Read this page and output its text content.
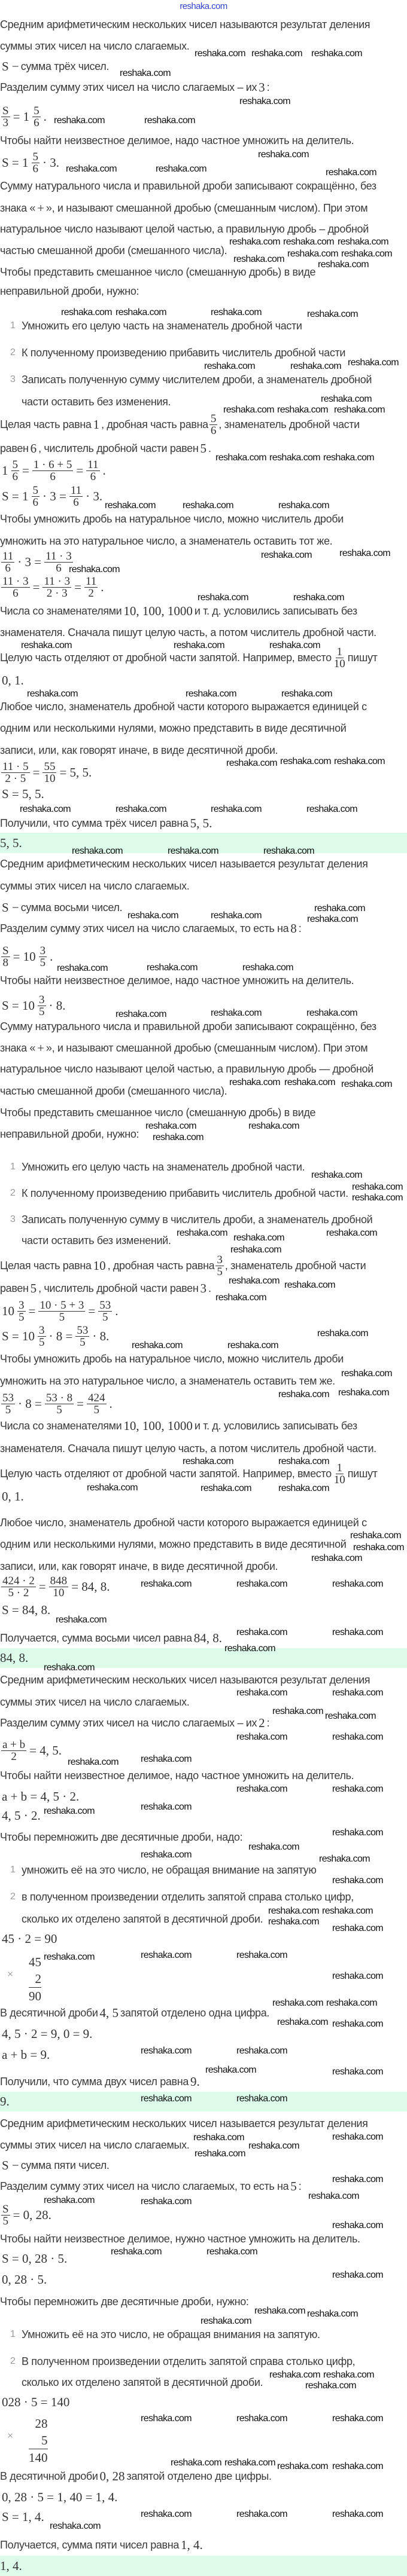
reshaka.com
Средним арифметическим нескольких чисел называются результат деления
суммы этих чисел на число слагаемых.
S − сумма трёх чисел.
Разделим сумму этих чисел на число слагаемых – их 3 :
$\frac{S}{3} = 1 \frac{5}{6}$ .
Чтобы найти неизвестное делимое, надо частное умножить на делитель.
$S = 1 \frac{5}{6} \cdot 3$.
Сумму натурального числа и правильной дроби записывают сокращённо, без
знака « + », и называют смешанной дробью (смешанным числом). При этом
натуральное число называют целой частью, а правильную дробь – дробной
частью смешанной дроби (смешанного числа).
Чтобы представить смешанное число (смешанную дробь) в виде
неправильной дроби, нужно:
1 Умножить его целую часть на знаменатель дробной части
2 К полученному произведению прибавить числитель дробной части
3 Записать полученную сумму числителем дроби, а знаменатель дробной
части оставить без изменения.
Целая часть равна 1 , дробная часть равна $\frac{5}{6}$ , знаменатель дробной части
равен 6 , числитель дробной части равен 5 .
$1 \frac{5}{6} = \frac{1 \cdot 6 + 5}{6} = \frac{11}{6}$ .
$S = 1 \frac{5}{6} \cdot 3 = \frac{11}{6} \cdot 3$.
Чтобы умножить дробь на натуральное число, можно числитель дроби
умножить на это натуральное число, а знаменатель оставить тот же.
$\frac{11}{6} \cdot 3 = \frac{11 \cdot 3}{6}$
$\frac{11 \cdot 3}{6} = \frac{11 \cdot 3}{2 \cdot 3} = \frac{11}{2}$ .
Числа со знаменателями 10, 100, 1000 и т. д. условились записывать без
знаменателя. Сначала пишут целую часть, а потом числитель дробной части.
Целую часть отделяют от дробной части запятой. Например, вместо $\frac{1}{10}$ пишут
0, 1.
Любое число, знаменатель дробной части которого выражается единицей с
одним или несколькими нулями, можно представить в виде десятичной
записи, или, как говорят иначе, в виде десятичной дроби.
$\frac{11 \cdot 5}{2 \cdot 5} = \frac{55}{10} = 5$, 5.
S = 5, 5.
Получили, что сумма трёх чисел равна 5, 5.
Средним арифметическим нескольких чисел называется результат деления
суммы этих чисел на число слагаемых.
S − сумма восьми чисел.
Разделим сумму этих чисел на число слагаемых, то есть на 8 :
$\frac{S}{8} = 10 \frac{3}{5}$ .
Чтобы найти неизвестное делимое, надо частное умножить на делитель.
$S = 10 \frac{3}{5} \cdot 8$.
Сумму натурального числа и правильной дроби записывают сокращённо, без
знака « + », и называют смешанной дробью (смешанным числом). При этом
натуральное число называют целой частью, а правильную дробь — дробной
частью смешанной дроби (смешанного числа).
Чтобы представить смешанное число (смешанную дробь) в виде
неправильной дроби, нужно:
1 Умножить его целую часть на знаменатель дробной части.
2 К полученному произведению прибавить числитель дробной части.
3 Записать полученную сумму в числитель дроби, а знаменатель дробной
части оставить без изменений.
Целая часть равна 10 , дробная часть равна $\frac{3}{5}$ , знаменатель дробной части
равен 5 , числитель дробной части равен 3 .
$10 \frac{3}{5} = \frac{10 \cdot 5 + 3}{5} = \frac{53}{5}$ .
$S = 10 \frac{3}{5} \cdot 8 = \frac{53}{5} \cdot 8$.
Чтобы умножить дробь на натуральное число, можно числитель дроби
умножить на это натуральное число, а знаменатель оставить тем же.
$\frac{53}{5} \cdot 8 = \frac{53 \cdot 8}{5} = \frac{424}{5}$ .
Числа со знаменателями 10, 100, 1000 и т. д. условились записывать без
знаменателя. Сначала пишут целую часть, а потом числитель дробной части.
Целую часть отделяют от дробной части запятой. Например, вместо $\frac{1}{10}$ пишут
0, 1.
Любое число, знаменатель дробной части которого выражается единицей с
одним или несколькими нулями, можно представить в виде десятичной
записи, или, как говорят иначе, в виде десятичной дроби.
$\frac{424 \cdot 2}{5 \cdot 2} = \frac{848}{10} = 84$, 8.
S = 84, 8.
Получается, сумма восьми чисел равна 84, 8.
Средним арифметическим нескольких чисел называются результат деления
суммы этих чисел на число слагаемых.
Разделим сумму этих чисел на число слагаемых – их 2 :
$\frac{a + b}{2} = 4$, 5.
Чтобы найти неизвестное делимое, надо частное умножить на делитель.
a + b = 4, 5 · 2.
4, 5 · 2.
Чтобы перемножить две десятичные дроби, надо:
1 умножить её на это число, не обращая внимание на запятую
2 в полученном произведении отделить запятой справа столько цифр,
сколько их отделено запятой в десятичной дроби.
45 · 2 = 90
В десятичной дроби 4, 5 запятой отделено одна цифра.
4, 5 · 2 = 9, 0 = 9.
a + b = 9.
Получили, что сумма двух чисел равна 9.
Средним арифметическим нескольких чисел называется результат деления
суммы этих чисел на число слагаемых.
S − сумма пяти чисел.
Разделим сумму этих чисел на число слагаемых, то есть на 5 :
$\frac{S}{5} = 0$, 28.
Чтобы найти неизвестное делимое, нужно частное умножить на делитель.
S = 0, 28 · 5.
0, 28 · 5.
Чтобы перемножить две десятичные дроби, нужно:
1 Умножить её на это число, не обращая внимания на запятую.
2 В полученном произведении отделить запятой справа столько цифр,
сколько их отделено запятой в десятичной дроби.
028 · 5 = 140
В десятичной дроби 0, 28 запятой отделено две цифры.
0, 28 · 5 = 1, 40 = 1, 4.
S = 1, 4.
Получается, сумма пяти чисел равна 1, 4.
5, 5.
84, 8.
9.
1, 4.
×
45
2
90
×
28
5
140
reshaka.com reshaka.com reshaka.com
reshaka.com
reshaka.com
reshaka.com	reshaka.com
reshaka.com
reshaka.com	reshaka.com	reshaka.com
reshaka.com reshaka.com reshaka.com
reshaka.com
reshaka.com
reshaka.com reshaka.com
reshaka.com
reshaka.com	reshaka.com
reshaka.com
reshaka.com
reshaka.com	reshaka.com
reshaka.com reshaka.com reshaka.com
reshaka.com
reshaka.com reshaka.com reshaka.com
reshaka.com	reshaka.com	reshaka.com
reshaka.com
reshaka.com
reshaka.com
reshaka.com	reshaka.com
reshaka.com	reshaka.com	reshaka.com
reshaka.com	reshaka.com	reshaka.com
reshaka.com reshaka.com
reshaka.com
reshaka.com	reshaka.com	reshaka.com	reshaka.com
reshaka.com	reshaka.com	reshaka.com
reshaka.com
reshaka.com	reshaka.com
reshaka.com
reshaka.com	reshaka.com	reshaka.com
reshaka.com	reshaka.com
reshaka.com
reshaka.com reshaka.com reshaka.com
reshaka.com	reshaka.com
reshaka.com
reshaka.com
reshaka.com
reshaka.com
reshaka.com	reshaka.com
reshaka.com
reshaka.com
reshaka.com reshaka.com
reshaka.com
reshaka.com
reshaka.com	reshaka.com
reshaka.com
reshaka.com
reshaka.com
reshaka.com	reshaka.com
reshaka.com	reshaka.com	reshaka.com
reshaka.com
reshaka.com
reshaka.com
reshaka.com	reshaka.com	reshaka.com
reshaka.com
reshaka.com	reshaka.com
reshaka.com
reshaka.com
reshaka.com	reshaka.com
reshaka.com reshaka.com
reshaka.com	reshaka.com
reshaka.com
reshaka.com
reshaka.com
reshaka.com
reshaka.com
reshaka.com
reshaka.com
reshaka.com
reshaka.com	reshaka.com
reshaka.com
reshaka.com reshaka.com
reshaka.com
reshaka.com
reshaka.com	reshaka.com
reshaka.com
reshaka.com
reshaka.com reshaka.com
reshaka.com reshaka.com
reshaka.com	reshaka.com
reshaka.com	reshaka.com
reshaka.com	reshaka.com
reshaka.com
reshaka.com
reshaka.com
reshaka.com
reshaka.com
reshaka.com
reshaka.com	reshaka.com
reshaka.com
reshaka.com	reshaka.com
reshaka.com
reshaka.com reshaka.com
reshaka.com
reshaka.com reshaka.com
reshaka.com
reshaka.com	reshaka.com	reshaka.com
reshaka.com reshaka.com
reshaka.com
reshaka.com
reshaka.com	reshaka.com	reshaka.com
reshaka.com
